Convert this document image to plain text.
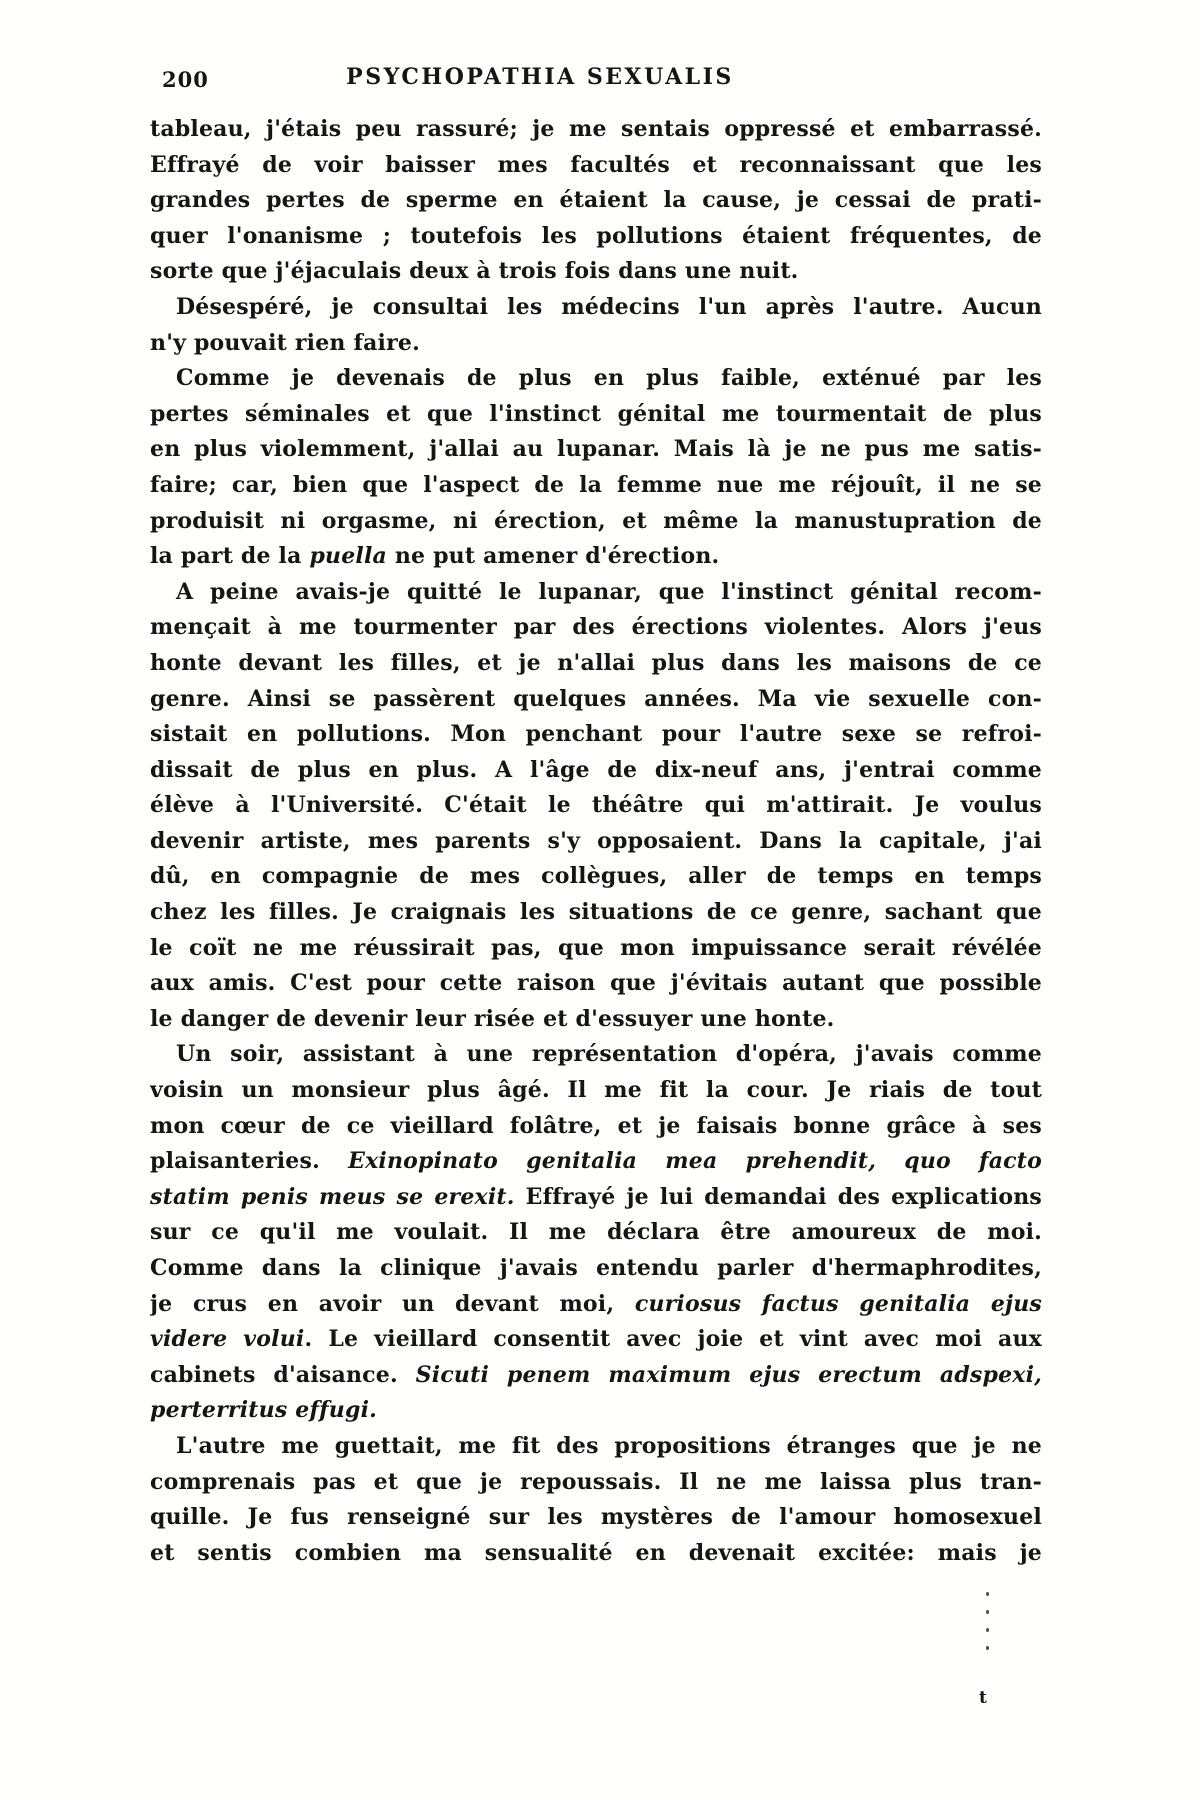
200	PSYCHOPATHIA SEXUALIS
tableau, j'étais peu rassuré; je me sentais oppressé et embarrassé.
Effrayé de voir baisser mes facultés et reconnaissant que les
grandes pertes de sperme en étaient la cause, je cessai de prati-
quer l'onanisme ; toutefois les pollutions étaient fréquentes, de
sorte que j'éjaculais deux à trois fois dans une nuit.
Désespéré, je consultai les médecins l'un après l'autre. Aucun
n'y pouvait rien faire.
Comme je devenais de plus en plus faible, exténué par les
pertes séminales et que l'instinct génital me tourmentait de plus
en plus violemment, j'allai au lupanar. Mais là je ne pus me satis-
faire; car, bien que l'aspect de la femme nue me réjouît, il ne se
produisit ni orgasme, ni érection, et même la manustupration de
la part de la puella ne put amener d'érection.
A peine avais-je quitté le lupanar, que l'instinct génital recom-
mençait à me tourmenter par des érections violentes. Alors j'eus
honte devant les filles, et je n'allai plus dans les maisons de ce
genre. Ainsi se passèrent quelques années. Ma vie sexuelle con-
sistait en pollutions. Mon penchant pour l'autre sexe se refroi-
dissait de plus en plus. A l'âge de dix-neuf ans, j'entrai comme
élève à l'Université. C'était le théâtre qui m'attirait. Je voulus
devenir artiste, mes parents s'y opposaient. Dans la capitale, j'ai
dû, en compagnie de mes collègues, aller de temps en temps
chez les filles. Je craignais les situations de ce genre, sachant que
le coït ne me réussirait pas, que mon impuissance serait révélée
aux amis. C'est pour cette raison que j'évitais autant que possible
le danger de devenir leur risée et d'essuyer une honte.
Un soir, assistant à une représentation d'opéra, j'avais comme
voisin un monsieur plus âgé. Il me fit la cour. Je riais de tout
mon cœur de ce vieillard folâtre, et je faisais bonne grâce à ses
plaisanteries. Exinopinato genitalia mea prehendit, quo facto
statim penis meus se erexit. Effrayé je lui demandai des explications
sur ce qu'il me voulait. Il me déclara être amoureux de moi.
Comme dans la clinique j'avais entendu parler d'hermaphrodites,
je crus en avoir un devant moi, curiosus factus genitalia ejus
videre volui. Le vieillard consentit avec joie et vint avec moi aux
cabinets d'aisance. Sicuti penem maximum ejus erectum adspexi,
perterritus effugi.
L'autre me guettait, me fit des propositions étranges que je ne
comprenais pas et que je repoussais. Il ne me laissa plus tran-
quille. Je fus renseigné sur les mystères de l'amour homosexuel
et sentis combien ma sensualité en devenait excitée: mais je
t
